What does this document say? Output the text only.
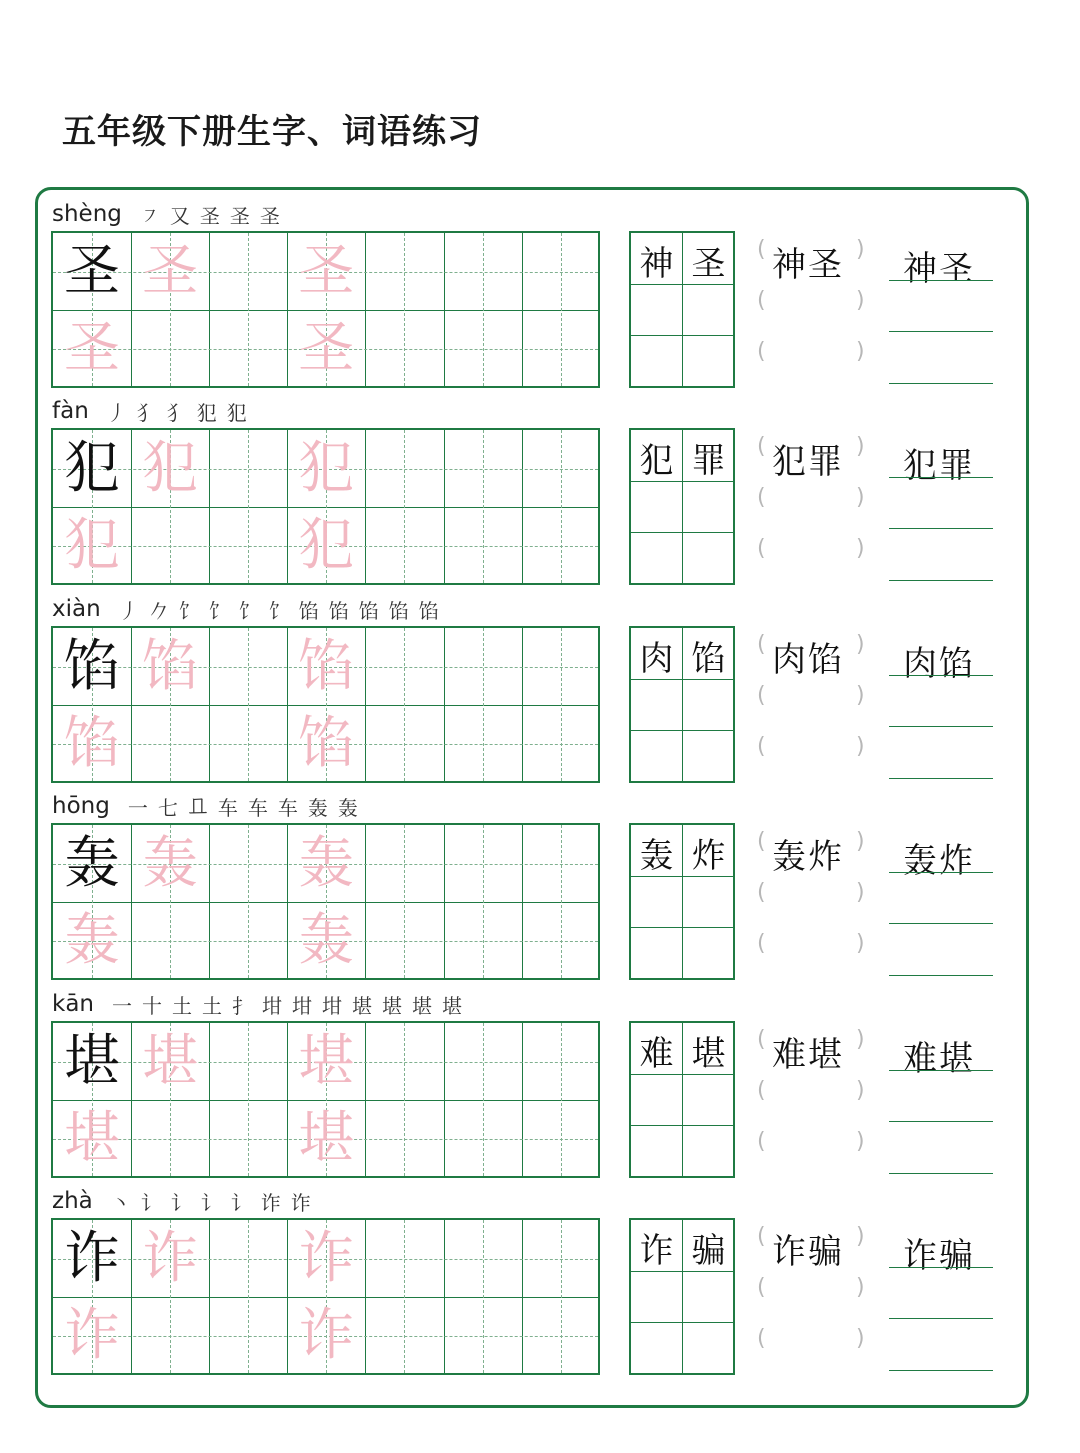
五年级下册生字、词语练习
shèng ㇇ 又 圣 圣 圣
圣 圣 圣
圣	圣
神 圣	(	)
(	)
(	)
神圣 神圣
fàn 丿 犭 犭 犯 犯
犯 犯 犯
犯	犯
犯 罪	(	)
(	)
(	)
犯罪 犯罪
xiàn 丿 𠂊 饣 饣 饣 饣 馅 馅 馅 馅 馅
馅 馅 馅
馅	馅
肉 馅	(	)
(	)
(	)
肉馅 肉馅
hōng 一 七 𠀃 车 车 车 轰 轰
轰 轰 轰
轰	轰
轰 炸	(	)
(	)
(	)
轰炸 轰炸
kān 一 十 土 土 扌 坩 坩 坩 堪 堪 堪 堪
堪 堪 堪
堪	堪
难 堪	(	)
(	)
(	)
难堪 难堪
zhà 丶 讠 讠 讠 讠 诈 诈
诈 诈 诈
诈	诈
诈 骗	(	)
(	)
(	)
诈骗 诈骗
